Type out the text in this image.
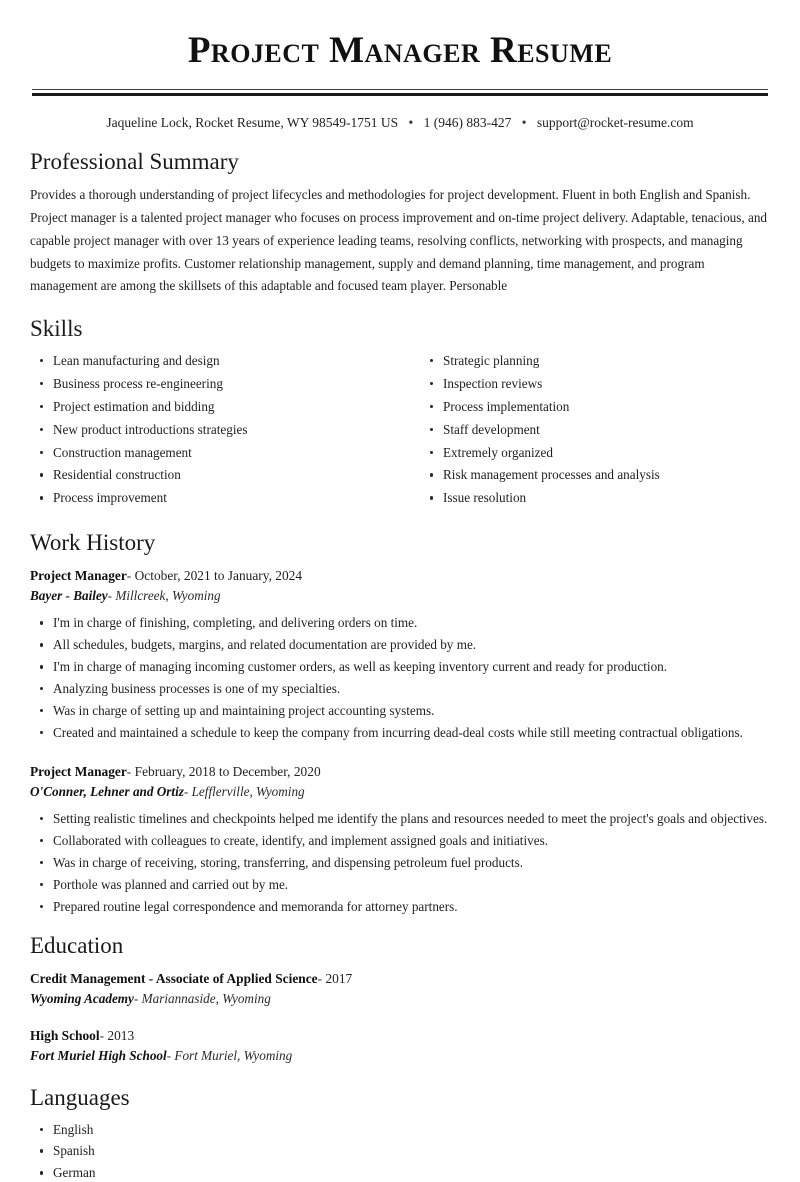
Project Manager Resume
Jaqueline Lock, Rocket Resume, WY 98549-1751 US • 1 (946) 883-427 • support@rocket-resume.com
Professional Summary

Provides a thorough understanding of project lifecycles and methodologies for project development. Fluent in both English and Spanish. Project manager is a talented project manager who focuses on process improvement and on-time project delivery. Adaptable, tenacious, and capable project manager with over 13 years of experience leading teams, resolving conflicts, networking with prospects, and managing budgets to maximize profits. Customer relationship management, supply and demand planning, time management, and program management are among the skillsets of this adaptable and focused team player. Personable

Skills
Lean manufacturing and design
Business process re-engineering
Project estimation and bidding
New product introductions strategies
Construction management
Residential construction
Process improvement
Strategic planning
Inspection reviews
Process implementation
Staff development
Extremely organized
Risk management processes and analysis
Issue resolution
Work History
Project Manager- October, 2021 to January, 2024
Bayer - Bailey- Millcreek, Wyoming
I'm in charge of finishing, completing, and delivering orders on time.
All schedules, budgets, margins, and related documentation are provided by me.
I'm in charge of managing incoming customer orders, as well as keeping inventory current and ready for production.
Analyzing business processes is one of my specialties.
Was in charge of setting up and maintaining project accounting systems.
Created and maintained a schedule to keep the company from incurring dead-deal costs while still meeting contractual obligations.
Project Manager- February, 2018 to December, 2020
O'Conner, Lehner and Ortiz- Lefflerville, Wyoming
Setting realistic timelines and checkpoints helped me identify the plans and resources needed to meet the project's goals and objectives.
Collaborated with colleagues to create, identify, and implement assigned goals and initiatives.
Was in charge of receiving, storing, transferring, and dispensing petroleum fuel products.
Porthole was planned and carried out by me.
Prepared routine legal correspondence and memoranda for attorney partners.
Education
Credit Management - Associate of Applied Science- 2017
Wyoming Academy- Mariannaside, Wyoming
High School- 2013
Fort Muriel High School- Fort Muriel, Wyoming
Languages
English
Spanish
German
